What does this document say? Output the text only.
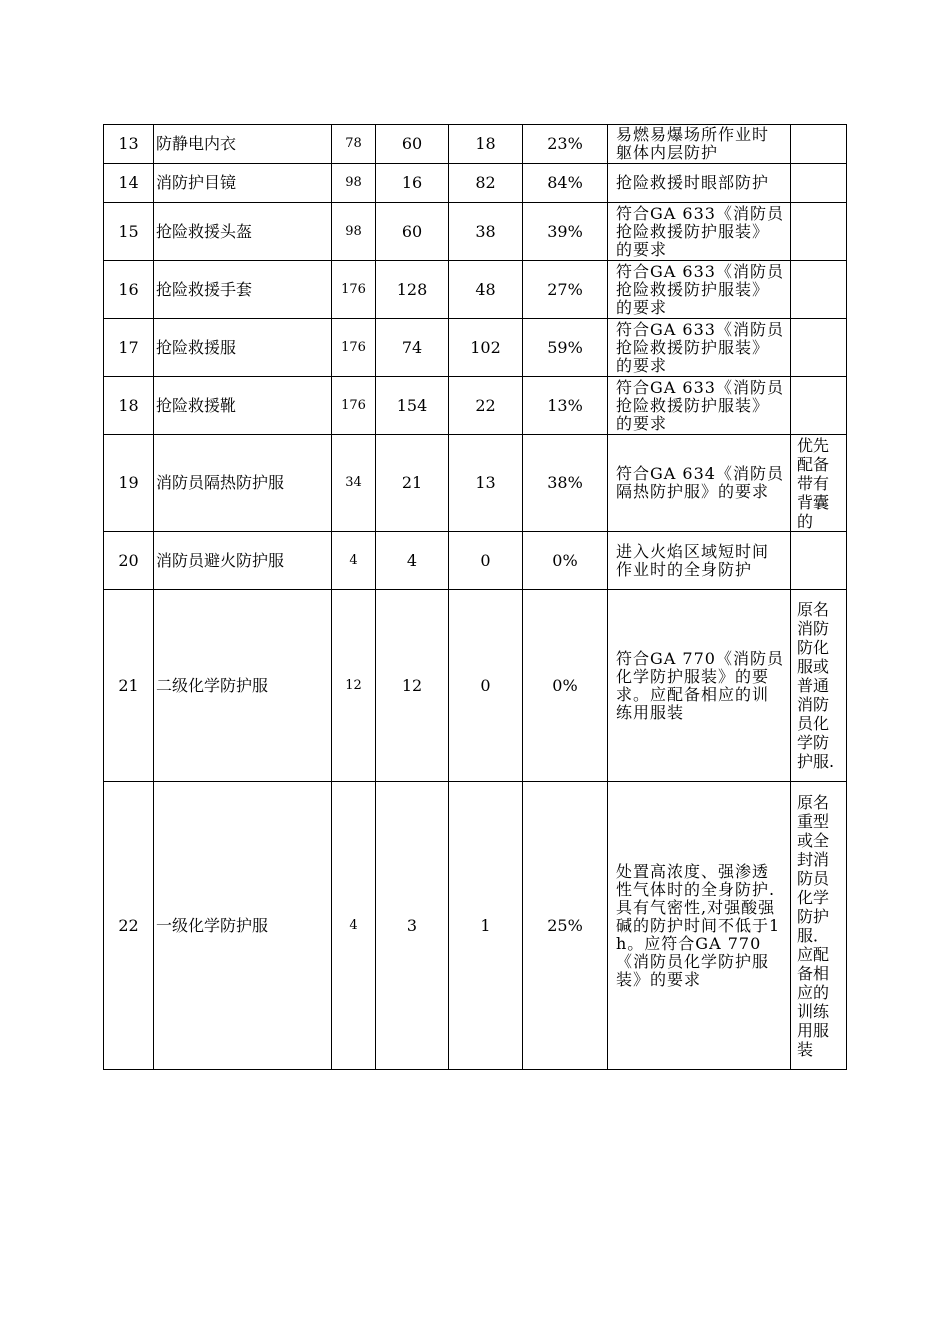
13	防静电内衣	78	60	18	23%	易燃易爆场所作业时躯体内层防护	
14	消防护目镜	98	16	82	84%	抢险救援时眼部防护	
15	抢险救援头盔	98	60	38	39%	符合GA 633《消防员抢险救援防护服装》的要求	
16	抢险救援手套	176	128	48	27%	符合GA 633《消防员抢险救援防护服装》的要求	
17	抢险救援服	176	74	102	59%	符合GA 633《消防员抢险救援防护服装》的要求	
18	抢险救援靴	176	154	22	13%	符合GA 633《消防员抢险救援防护服装》的要求	
19	消防员隔热防护服	34	21	13	38%	符合GA 634《消防员隔热防护服》的要求	优先配备带有背囊的
20	消防员避火防护服	4	4	0	0%	进入火焰区域短时间作业时的全身防护	
21	二级化学防护服	12	12	0	0%	符合GA 770《消防员化学防护服装》的要求。应配备相应的训练用服装	原名消防防化服或普通消防员化学防护服.
22	一级化学防护服	4	3	1	25%	处置高浓度、强渗透性气体时的全身防护.具有气密性,对强酸强碱的防护时间不低于1h。应符合GA 770《消防员化学防护服装》的要求	原名重型或全封消防员化学防护服．应配备相应的训练用服装
